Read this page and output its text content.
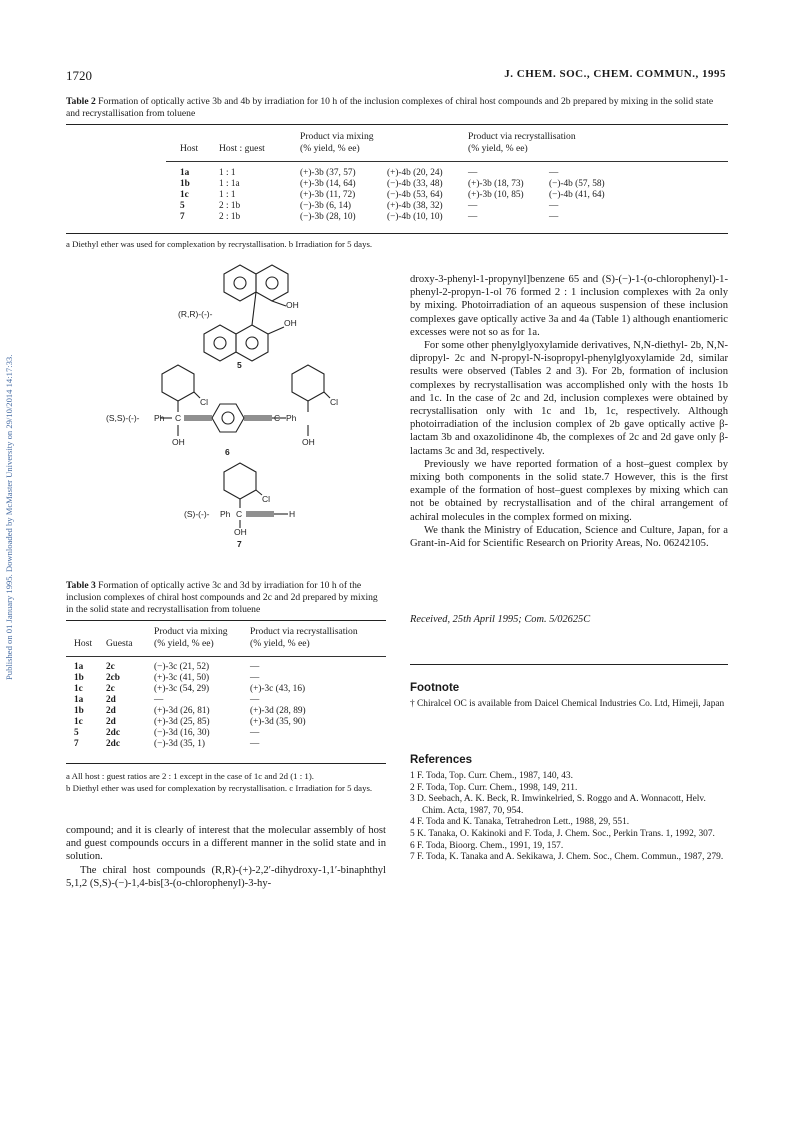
Published on 01 January 1995. Downloaded by McMaster University on 29/10/2014 14:17:33.
1720	J. CHEM. SOC., CHEM. COMMUN., 1995
Table 2 Formation of optically active 3b and 4b by irradiation for 10 h of the inclusion complexes of chiral host compounds and 2b prepared by mixing in the solid state and recrystallisation from toluene
Product via mixing
(% yield, % ee)
Product via recrystallisation
(% yield, % ee)
Host Host : guest
1a	1 : 1	(+)-3b (37, 57)	(+)-4b (20, 24)	—	—
1b	1 : 1a	(+)-3b (14, 64)	(−)-4b (33, 48)	(+)-3b (18, 73)	(−)-4b (57, 58)
1c	1 : 1	(+)-3b (11, 72)	(−)-4b (53, 64)	(+)-3b (10, 85)	(−)-4b (41, 64)
5	2 : 1b	(−)-3b (6, 14)	(+)-4b (38, 32)	—	—
7	2 : 1b	(−)-3b (28, 10)	(−)-4b (10, 10)	—	—
a Diethyl ether was used for complexation by recrystallisation. b Irradiation for 5 days.
(R,R)-(-)-
OH
OH
5
(S,S)-(-)- Ph C
Cl
OH
C Ph
Cl
OH
6
(S)-(-)- Ph C
Cl
H
OH
7
Table 3 Formation of optically active 3c and 3d by irradiation for 10 h of the inclusion complexes of chiral host compounds and 2c and 2d prepared by mixing in the solid state and recrystallisation from toluene
Product via mixing
(% yield, % ee)
Product via recrystallisation
(% yield, % ee)
Host Guesta
1a	2c	(−)-3c (21, 52)	—
1b	2cb	(+)-3c (41, 50)	—
1c	2c	(+)-3c (54, 29)	(+)-3c (43, 16)
1a	2d	—	—
1b	2d	(+)-3d (26, 81)	(+)-3d (28, 89)
1c	2d	(+)-3d (25, 85)	(+)-3d (35, 90)
5	2dc	(−)-3d (16, 30)	—
7	2dc	(−)-3d (35, 1)	—
a All host : guest ratios are 2 : 1 except in the case of 1c and 2d (1 : 1).
b Diethyl ether was used for complexation by recrystallisation. c Irradiation for 5 days.

compound; and it is clearly of interest that the molecular assembly of host and guest compounds occurs in a different manner in the solid state and in solution.

The chiral host compounds (R,R)-(+)-2,2′-dihydroxy-1,1′-binaphthyl 5,1,2 (S,S)-(−)-1,4-bis[3-(o-chlorophenyl)-3-hy-

droxy-3-phenyl-1-propynyl]benzene 65 and (S)-(−)-1-(o-chlorophenyl)-1-phenyl-2-propyn-1-ol 76 formed 2 : 1 inclusion complexes with 2a only by mixing. Photoirradiation of an aqueous suspension of these inclusion complexes gave optically active 3a and 4a (Table 1) although enantiomeric excesses were not so as for 1a.

For some other phenylglyoxylamide derivatives, N,N-diethyl- 2b, N,N-dipropyl- 2c and N-propyl-N-isopropyl-phenylglyoxylamide 2d, similar results were observed (Tables 2 and 3). For 2b, formation of inclusion complexes by recrystallisation was accomplished only with the hosts 1b and 1c. In the case of 2c and 2d, inclusion complexes were obtained by recrystallisation only with 1c and 1b, 1c, respectively. Although photoirradiation of the inclusion complex of 2b gave optically active β-lactam 3b and oxazolidinone 4b, the complexes of 2c and 2d gave only β-lactams 3c and 3d, respectively.

Previously we have reported formation of a host–guest complex by mixing both components in the solid state.7 However, this is the first example of the formation of host–guest complexes by mixing which can not be obtained by recrystallisation and of the chiral arrangement of achiral molecules in the complex formed on mixing.

We thank the Ministry of Education, Science and Culture, Japan, for a Grant-in-Aid for Scientific Research on Priority Areas, No. 06242105.

Received, 25th April 1995; Com. 5/02625C
Footnote
† Chiralcel OC is available from Daicel Chemical Industries Co. Ltd, Himeji, Japan
References
1 F. Toda, Top. Curr. Chem., 1987, 140, 43.
2 F. Toda, Top. Curr. Chem., 1998, 149, 211.
3 D. Seebach, A. K. Beck, R. Imwinkelried, S. Roggo and A. Wonnacott, Helv. Chim. Acta, 1987, 70, 954.
4 F. Toda and K. Tanaka, Tetrahedron Lett., 1988, 29, 551.
5 K. Tanaka, O. Kakinoki and F. Toda, J. Chem. Soc., Perkin Trans. 1, 1992, 307.
6 F. Toda, Bioorg. Chem., 1991, 19, 157.
7 F. Toda, K. Tanaka and A. Sekikawa, J. Chem. Soc., Chem. Commun., 1987, 279.
